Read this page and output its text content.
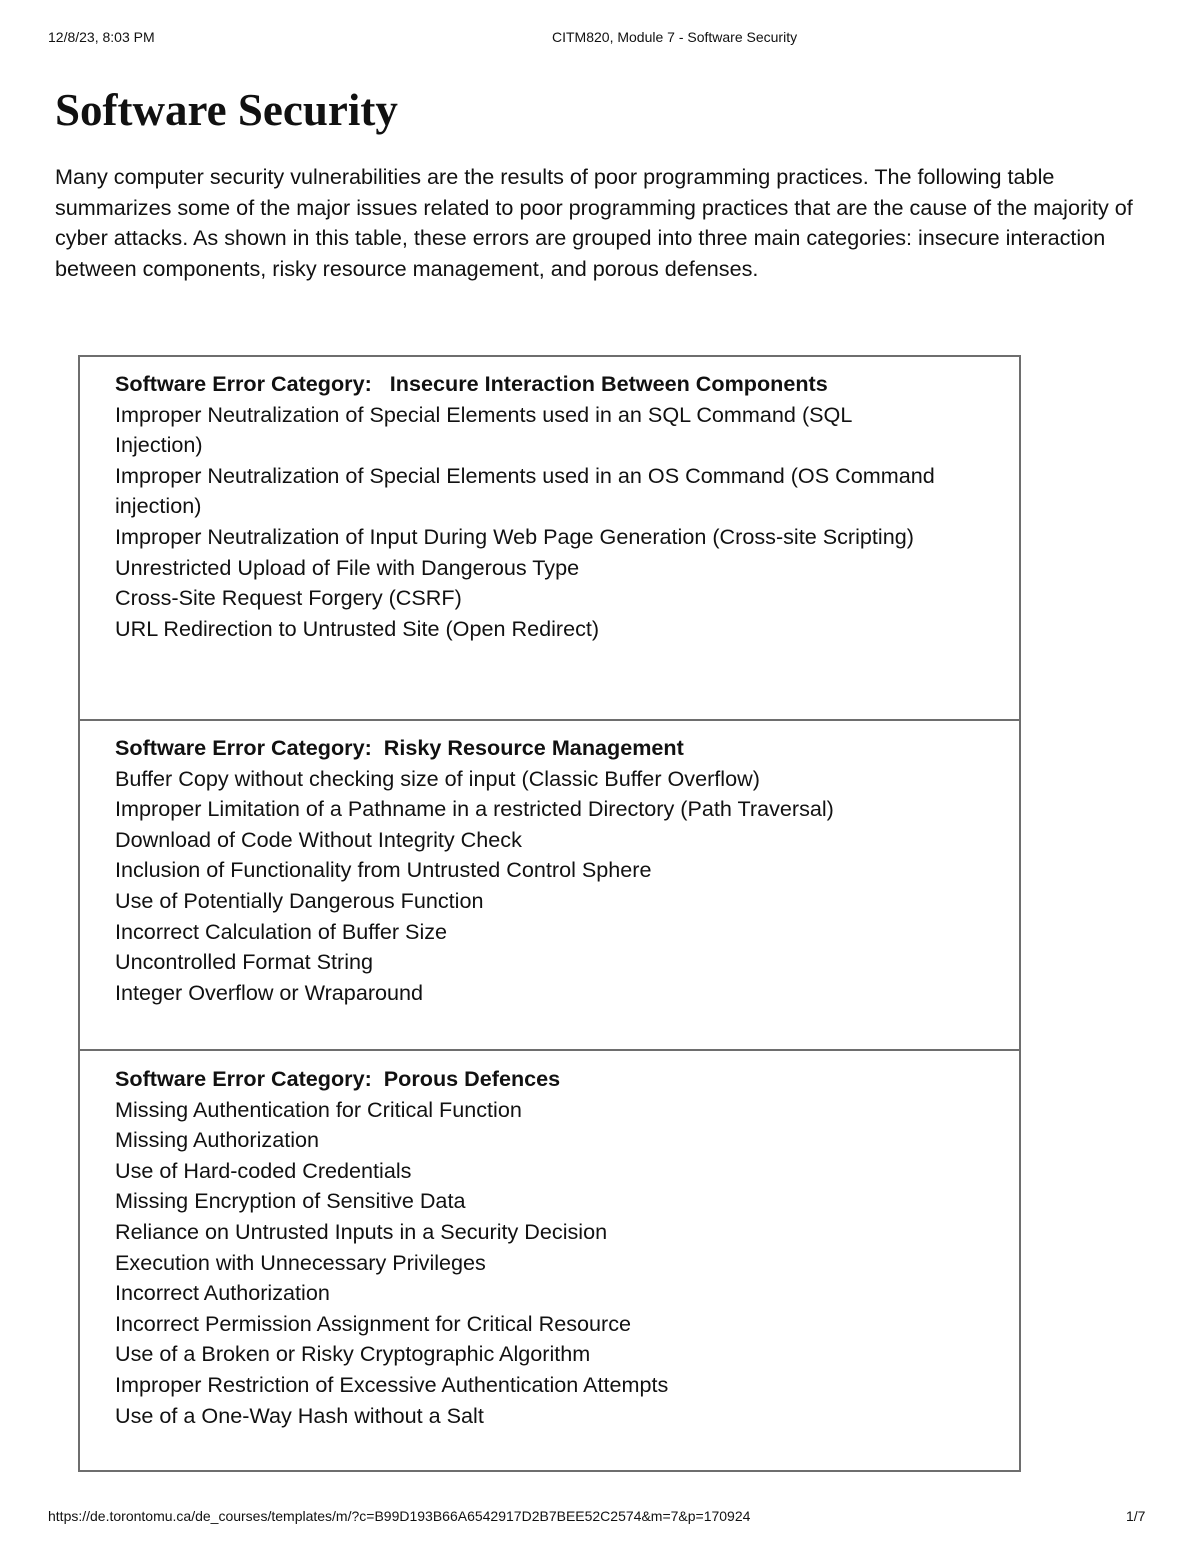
12/8/23, 8:03 PM	CITM820, Module 7 - Software Security
Software Security

Many computer security vulnerabilities are the results of poor programming practices. The following table summarizes some of the major issues related to poor programming practices that are the cause of the majority of cyber attacks. As shown in this table, these errors are grouped into three main categories: insecure interaction between components, risky resource management, and porous defenses.

Software Error Category:   Insecure Interaction Between Components
Improper Neutralization of Special Elements used in an SQL Command (SQL Injection)
Improper Neutralization of Special Elements used in an OS Command (OS Command injection)
Improper Neutralization of Input During Web Page Generation (Cross-site Scripting)
Unrestricted Upload of File with Dangerous Type
Cross-Site Request Forgery (CSRF)
URL Redirection to Untrusted Site (Open Redirect)
Software Error Category:  Risky Resource Management
Buffer Copy without checking size of input (Classic Buffer Overflow)
Improper Limitation of a Pathname in a restricted Directory (Path Traversal)
Download of Code Without Integrity Check
Inclusion of Functionality from Untrusted Control Sphere
Use of Potentially Dangerous Function
Incorrect Calculation of Buffer Size
Uncontrolled Format String
Integer Overflow or Wraparound
Software Error Category:  Porous Defences
Missing Authentication for Critical Function
Missing Authorization
Use of Hard-coded Credentials
Missing Encryption of Sensitive Data
Reliance on Untrusted Inputs in a Security Decision
Execution with Unnecessary Privileges
Incorrect Authorization
Incorrect Permission Assignment for Critical Resource
Use of a Broken or Risky Cryptographic Algorithm
Improper Restriction of Excessive Authentication Attempts
Use of a One-Way Hash without a Salt
https://de.torontomu.ca/de_courses/templates/m/?c=B99D193B66A6542917D2B7BEE52C2574&m=7&p=170924	1/7
